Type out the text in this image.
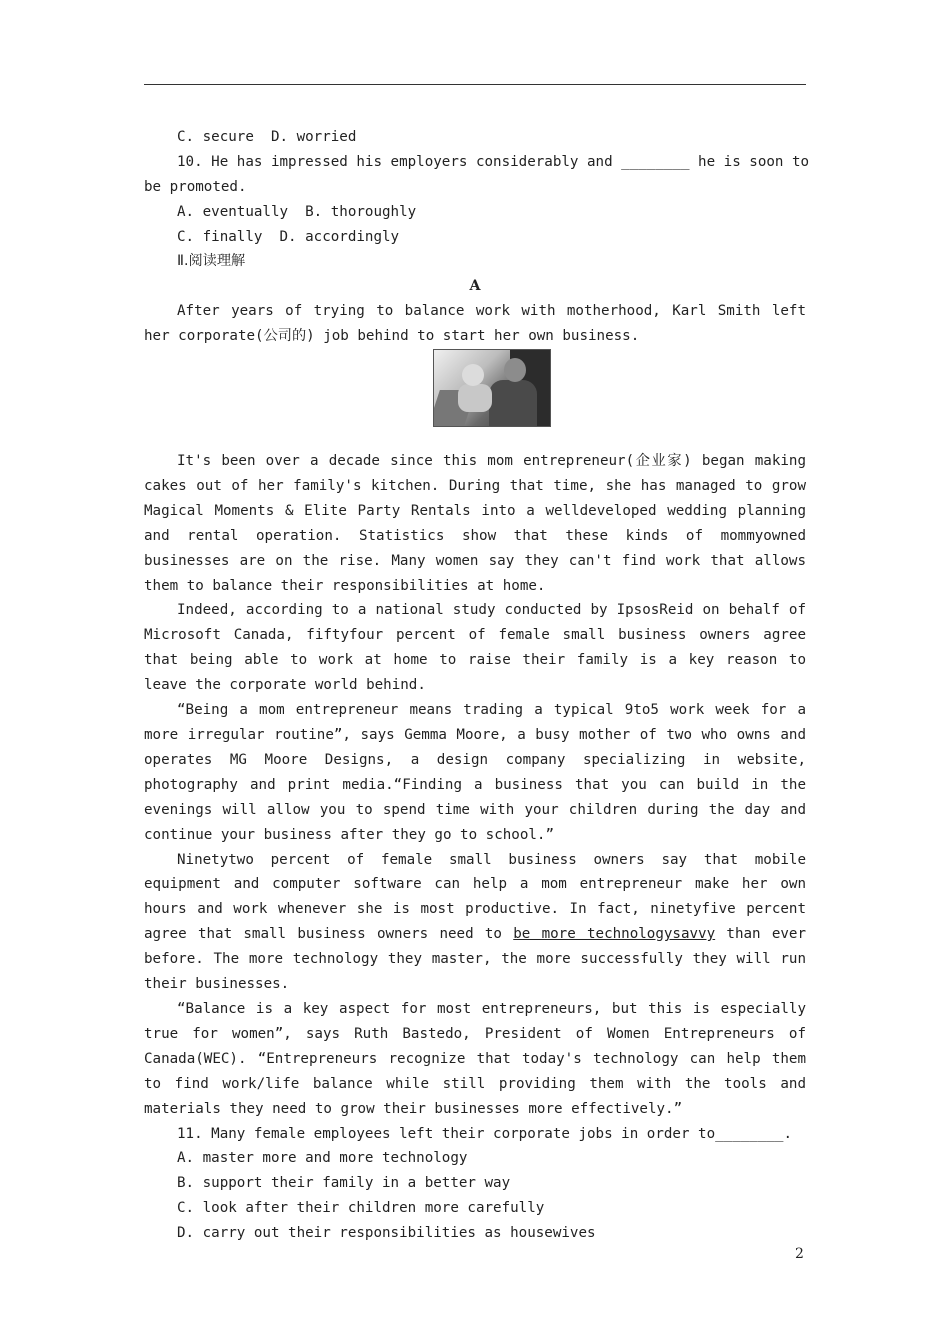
C. secure  D. worried
10. He has impressed his employers considerably and ________ he is soon to
be promoted.
A. eventually  B. thoroughly
C. finally  D. accordingly
Ⅱ.阅读理解
A
After years of trying to balance work with motherhood, Karl Smith left her corporate(公司的) job behind to start her own business.
It's been over a decade since this mom entrepreneur(企业家) began making cakes out of her family's kitchen. During that time, she has managed to grow Magical Moments & Elite Party Rentals into a welldeveloped wedding planning and rental operation. Statistics show that these kinds of mommyowned businesses are on the rise. Many women say they can't find work that allows them to balance their responsibilities at home.
Indeed, according to a national study conducted by IpsosReid on behalf of Microsoft Canada, fiftyfour percent of female small business owners agree that being able to work at home to raise their family is a key reason to leave the corporate world behind.
“Being a mom entrepreneur means trading a typical 9to5 work week for a more irregular routine”, says Gemma Moore, a busy mother of two who owns and operates MG Moore Designs, a design company specializing in website, photography and print media.“Finding a business that you can build in the evenings will allow you to spend time with your children during the day and continue your business after they go to school.”
Ninetytwo percent of female small business owners say that mobile equipment and computer software can help a mom entrepreneur make her own hours and work whenever she is most productive. In fact, ninetyfive percent agree that small business owners need to be more technologysavvy than ever before. The more technology they master, the more successfully they will run their businesses.
“Balance is a key aspect for most entrepreneurs, but this is especially true for women”, says Ruth Bastedo, President of Women Entrepreneurs of Canada(WEC). “Entrepreneurs recognize that today's technology can help them to find work/life balance while still providing them with the tools and materials they need to grow their businesses more effectively.”
11. Many female employees left their corporate jobs in order to________.
A. master more and more technology
B. support their family in a better way
C. look after their children more carefully
D. carry out their responsibilities as housewives
2
